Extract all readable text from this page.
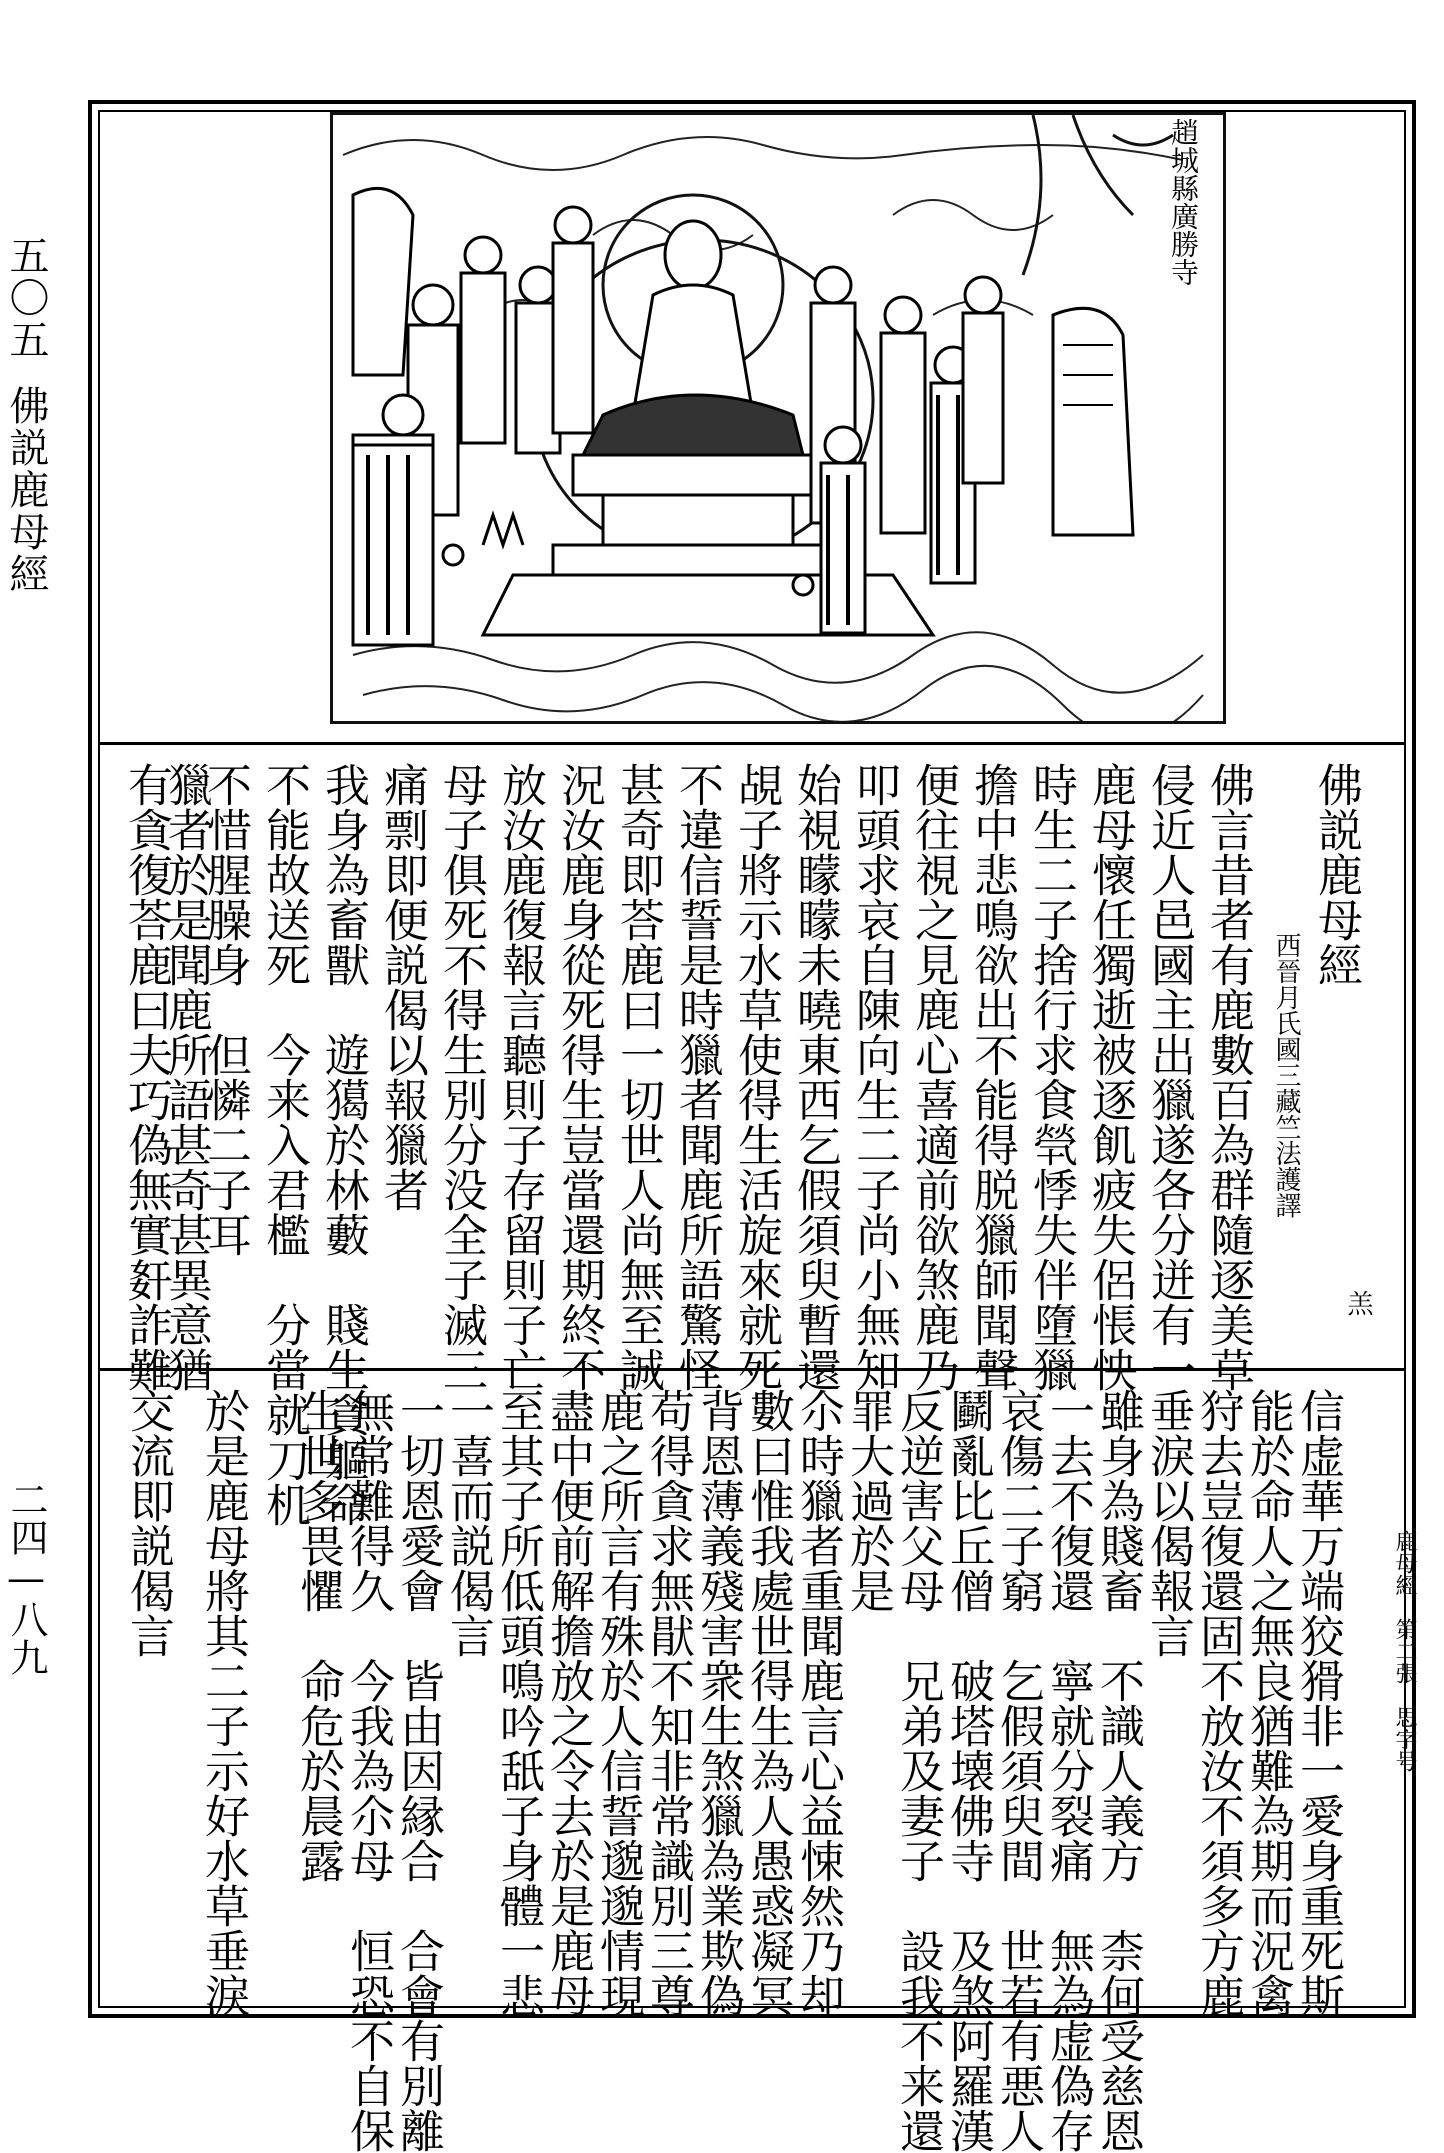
五〇五佛説鹿母經
二四—八九
趙城縣廣勝寺
佛説鹿母經
羔
西晉月氏國三藏竺法護譯
佛言昔者有鹿數百為群隨逐美草
侵近人邑國主出獵遂各分迸有一
鹿母懷任獨逝被逐飢疲失侶悵怏
時生二子捨行求食煢悸失伴墮獵
擔中悲鳴欲出不能得脱獵師聞聲
便往視之見鹿心喜適前欲煞鹿乃
叩頭求哀自陳向生二子尚小無知
始視矇矇未曉東西乞假須臾暫還
覘子將示水草使得生活旋來就死
不違信誓是時獵者聞鹿所語驚怪
甚奇即荅鹿曰一切世人尚無至誠
況汝鹿身從死得生豈當還期終不
放汝鹿復報言聽則子存留則子亡
母子俱死不得生別分没全子滅三
痛剽即便説偈以報獵者
我身為畜獸　遊獦於林藪　賤生貪軀命
不能故送死　今来入君檻　分當就刀机
不惜腥臊身　但憐二子耳
獵者於是聞鹿所語甚奇甚異意猶
有貪復荅鹿曰夫巧偽無實姧詐難
鹿母經　第二張　思字号
信虚華万端狡猾非一愛身重死斯
能於命人之無良猶難為期而況禽
狩去豈復還固不放汝不須多方鹿
垂淚以偈報言
雖身為賤畜　不識人義方　柰何受慈恩
一去不復還　寧就分裂痛　無為虚偽存
哀傷二子窮　乞假須臾間　世若有悪人
鬬亂比丘僧　破塔壊佛寺　及煞阿羅漢
反逆害父母　兄弟及妻子　設我不来還
罪大過於是
尒時獵者重聞鹿言心益悚然乃却
數曰惟我處世得生為人愚惑凝冥
背恩薄義殘害衆生煞獵為業欺偽
苟得貪求無猒不知非常識別三尊
鹿之所言有殊於人信誓邈邈情現
盡中便前解擔放之令去於是鹿母
至其子所低頭鳴吟舐子身體一悲
一喜而説偈言
一切恩愛會　皆由因縁合　合會有別離
無常難得久　今我為尒母　恒恐不自保
生世多畏懼　命危於晨露
於是鹿母將其二子示好水草垂淚
交流即説偈言
